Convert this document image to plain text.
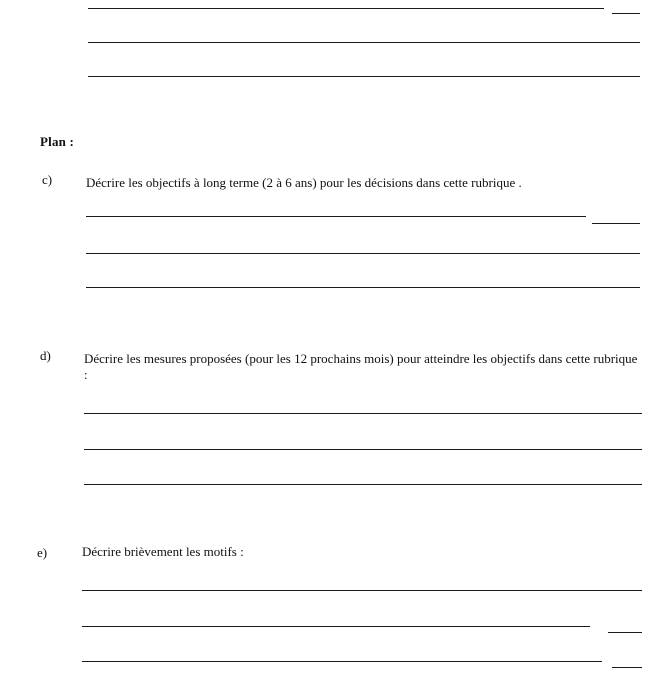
Plan :
c)	Décrire les objectifs à long terme (2 à 6 ans) pour les décisions dans cette rubrique .
d)	Décrire les mesures proposées (pour les 12 prochains mois) pour atteindre les objectifs dans cette rubrique :
e)	Décrire brièvement les motifs :
